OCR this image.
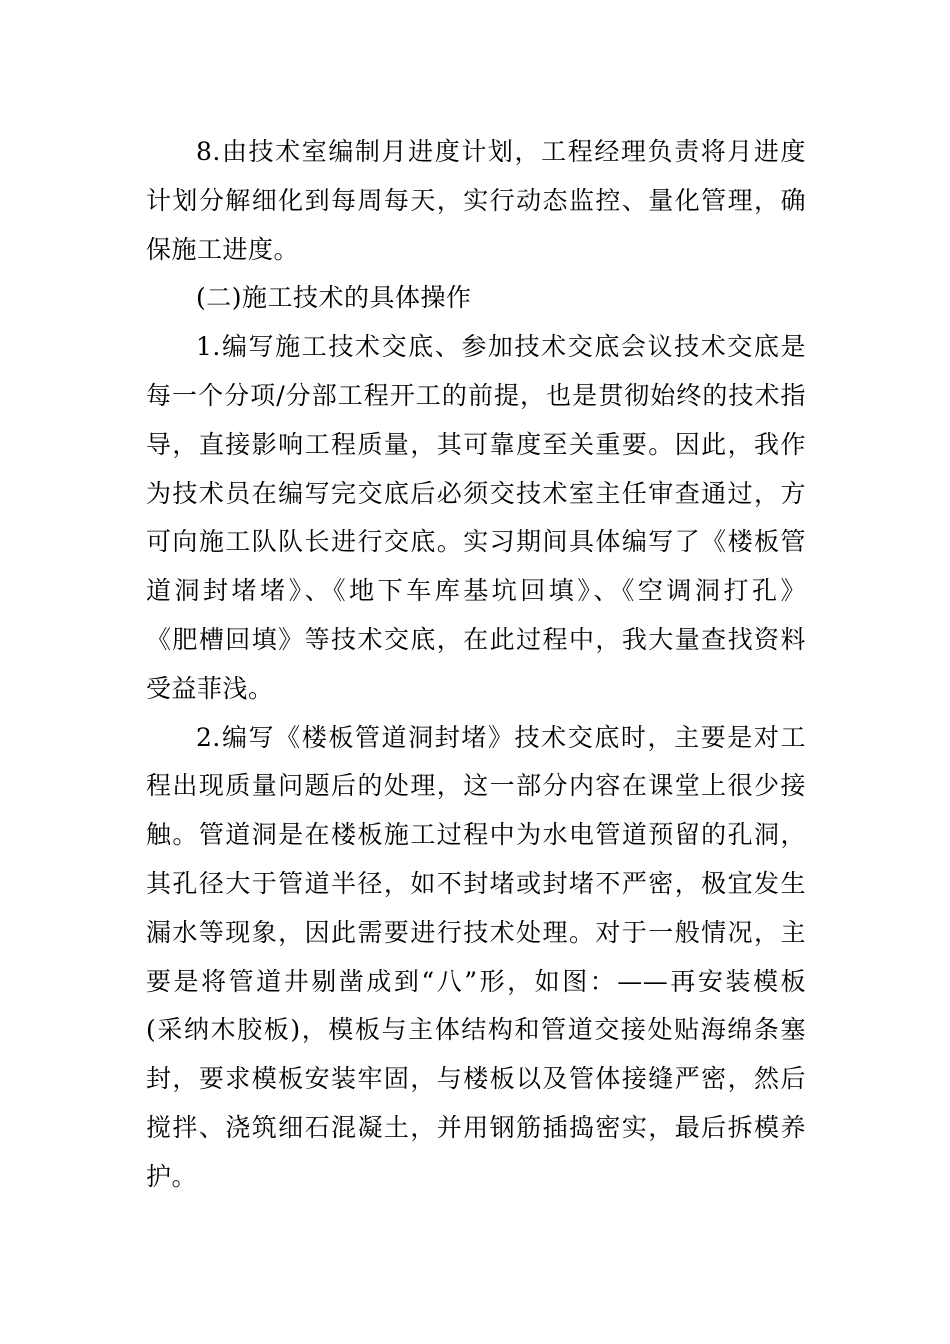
8.由技术室编制月进度计划，工程经理负责将月进度
计划分解细化到每周每天，实行动态监控、量化管理，确
保施工进度。
(二)施工技术的具体操作
1.编写施工技术交底、参加技术交底会议技术交底是
每一个分项/分部工程开工的前提，也是贯彻始终的技术指
导，直接影响工程质量，其可靠度至关重要。因此，我作
为技术员在编写完交底后必须交技术室主任审查通过，方
可向施工队队长进行交底。实习期间具体编写了《楼板管
道洞封堵堵》、《地下车库基坑回填》、《空调洞打孔》
《肥槽回填》等技术交底，在此过程中，我大量查找资料
受益菲浅。
2.编写《楼板管道洞封堵》技术交底时，主要是对工
程出现质量问题后的处理，这一部分内容在课堂上很少接
触。管道洞是在楼板施工过程中为水电管道预留的孔洞，
其孔径大于管道半径，如不封堵或封堵不严密，极宜发生
漏水等现象，因此需要进行技术处理。对于一般情况，主
要是将管道井剔凿成到“八”形，如图：——再安装模板
(采纳木胶板)，模板与主体结构和管道交接处贴海绵条塞
封，要求模板安装牢固，与楼板以及管体接缝严密，然后
搅拌、浇筑细石混凝土，并用钢筋插捣密实，最后拆模养
护。
